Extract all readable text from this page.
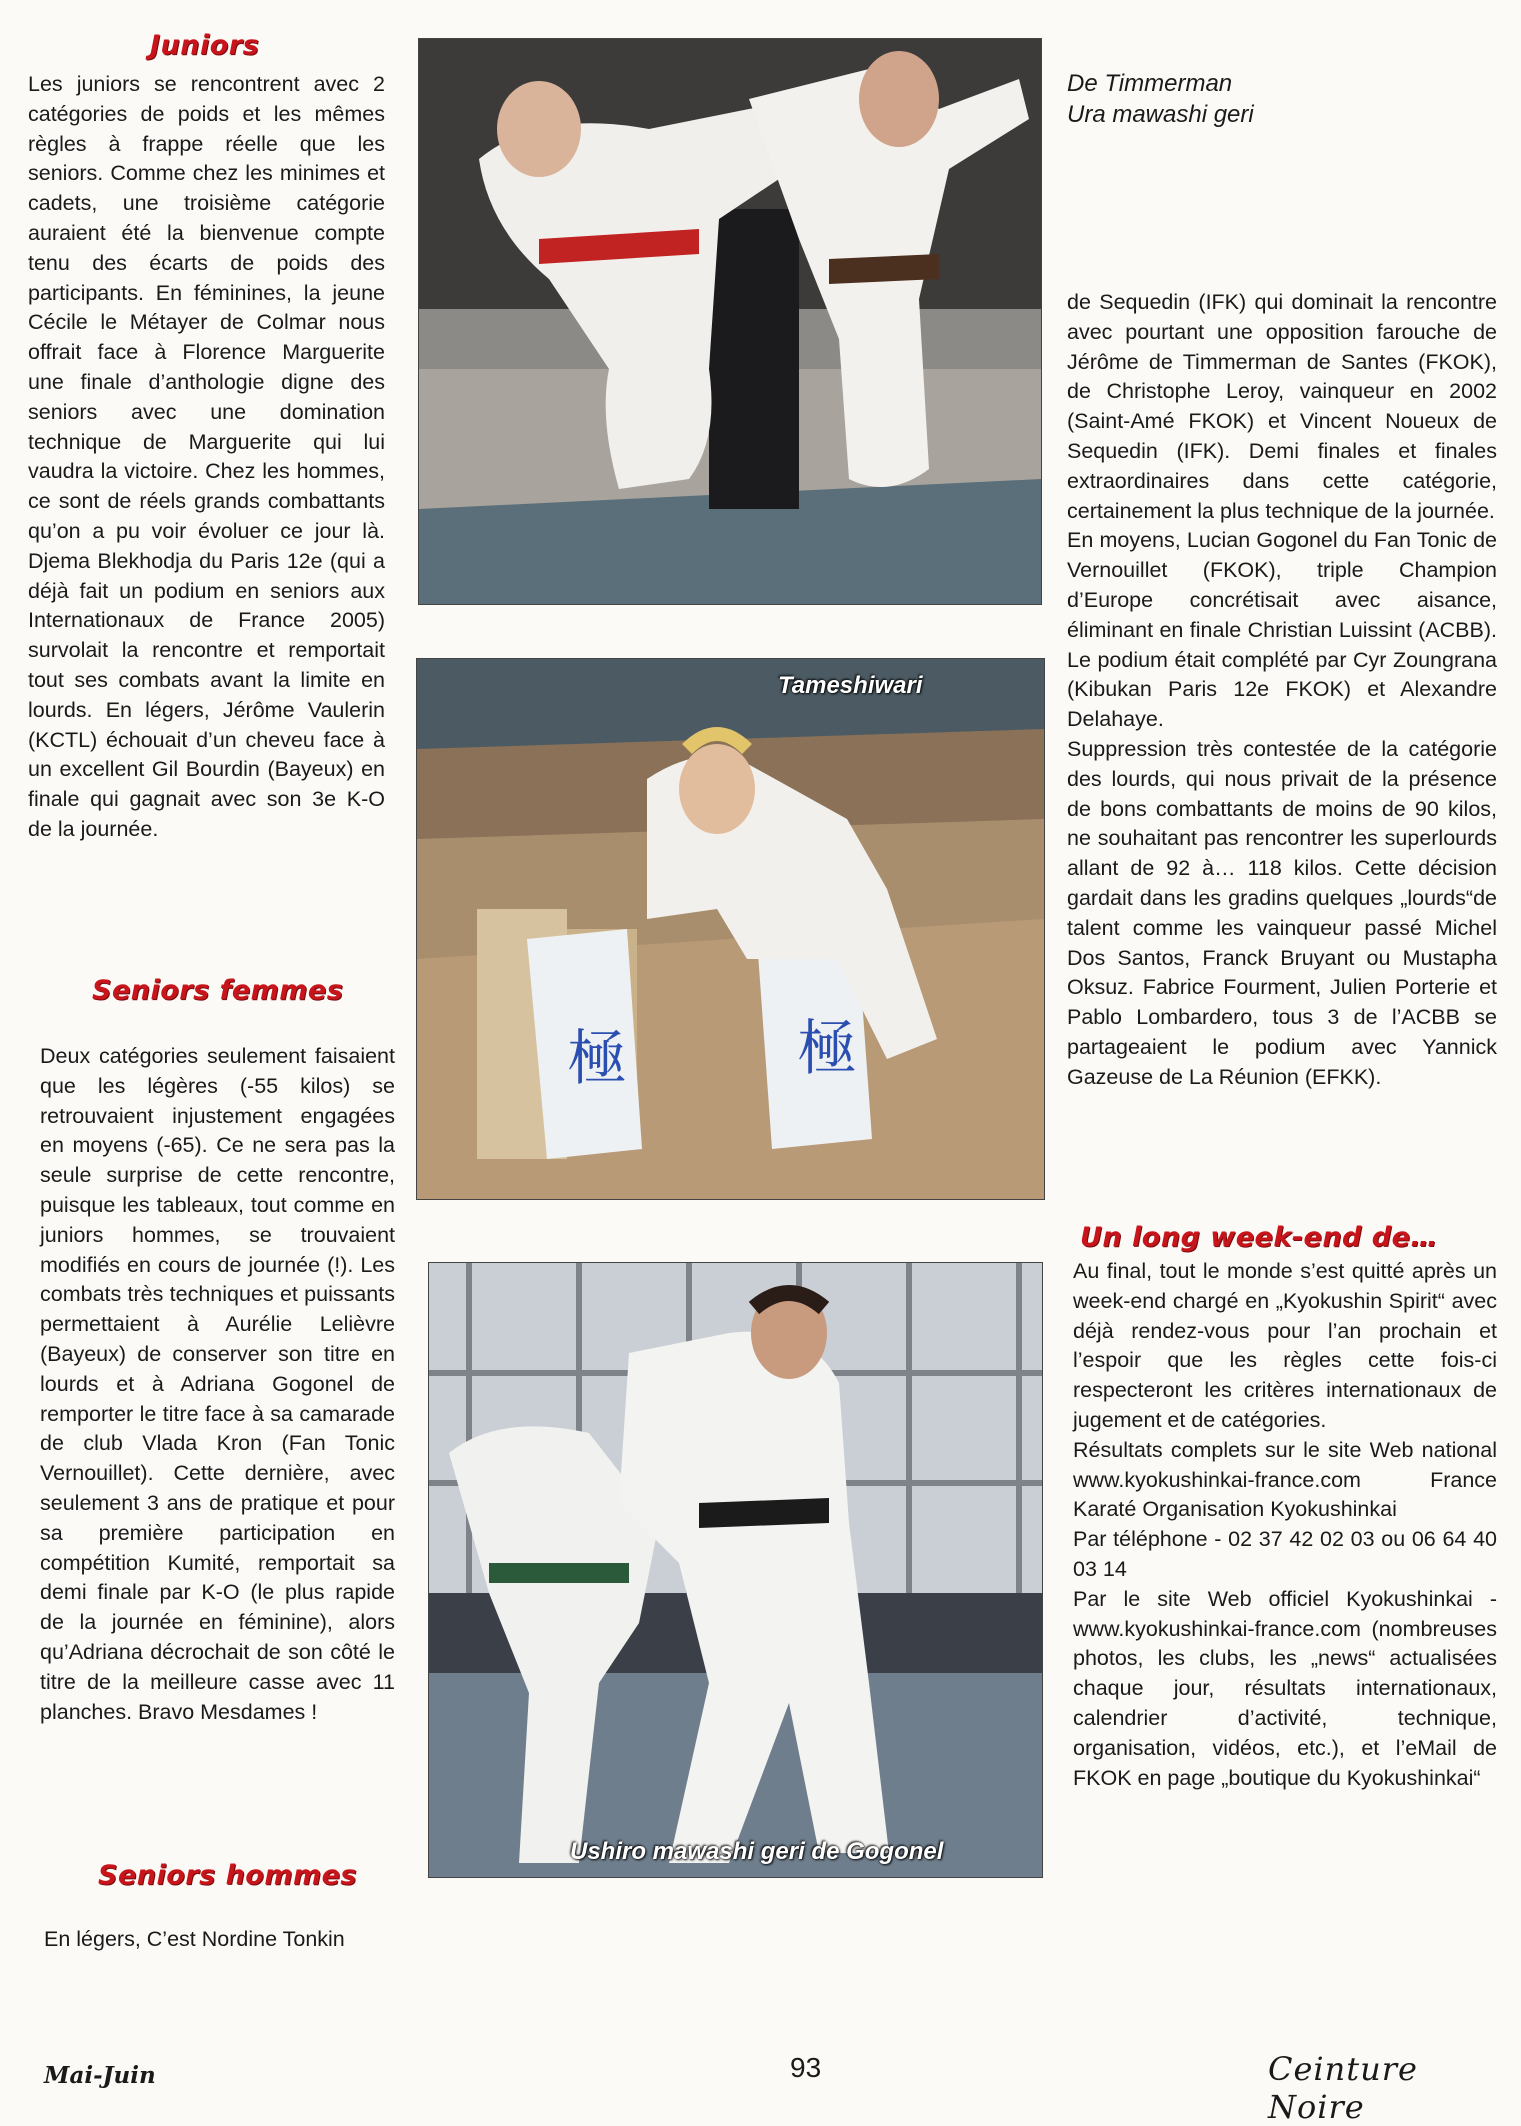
Juniors

Les juniors se rencontrent avec 2 catégories de poids et les mêmes règles à frappe réelle que les seniors. Comme chez les minimes et cadets, une troisième catégorie auraient été la bienvenue compte tenu des écarts de poids des participants. En féminines, la jeune Cécile le Métayer de Colmar nous offrait face à Florence Marguerite une finale d’anthologie digne des seniors avec une domination technique de Marguerite qui lui vaudra la victoire. Chez les hommes, ce sont de réels grands combattants qu’on a pu voir évoluer ce jour là. Djema Blekhodja du Paris 12e (qui a déjà fait un podium en seniors aux Internationaux de France 2005) survolait la rencontre et remportait tout ses combats avant la limite en lourds. En légers, Jérôme Vaulerin (KCTL) échouait d’un cheveu face à un excellent Gil Bourdin (Bayeux) en finale qui gagnait avec son 3e K-O de la journée.

Seniors femmes

Deux catégories seulement faisaient que les légères (-55 kilos) se retrouvaient injustement engagées en moyens (-65). Ce ne sera pas la seule surprise de cette rencontre, puisque les tableaux, tout comme en juniors hommes, se trouvaient modifiés en cours de journée (!). Les combats très techniques et puissants permettaient à Aurélie Lelièvre (Bayeux) de conserver son titre en lourds et à Adriana Gogonel de remporter le titre face à sa camarade de club Vlada Kron (Fan Tonic Vernouillet). Cette dernière, avec seulement 3 ans de pratique et pour sa première participation en compétition Kumité, remportait sa demi finale par K-O (le plus rapide de la journée en féminine), alors qu’Adriana décrochait de son côté le titre de la meilleure casse avec 11 planches. Bravo Mesdames !

Seniors hommes

En légers, C’est Nordine Tonkin

De Timmerman
Ura mawashi geri
極	極
Tameshiwari
Ushiro mawashi geri de Gogonel

de Sequedin (IFK) qui dominait la rencontre avec pourtant une opposition farouche de Jérôme de Timmerman de Santes (FKOK), de Christophe Leroy, vainqueur en 2002 (Saint-Amé FKOK) et Vincent Noueux de Sequedin (IFK). Demi finales et finales extraordinaires dans cette catégorie, certainement la plus technique de la journée.

En moyens, Lucian Gogonel du Fan Tonic de Vernouillet (FKOK), triple Champion d’Europe concrétisait avec aisance, éliminant en finale Christian Luissint (ACBB). Le podium était complété par Cyr Zoungrana (Kibukan Paris 12e FKOK) et Alexandre Delahaye.

Suppression très contestée de la catégorie des lourds, qui nous privait de la présence de bons combattants de moins de 90 kilos, ne souhaitant pas rencontrer les superlourds allant de 92 à… 118 kilos. Cette décision gardait dans les gradins quelques „lourds“de talent comme les vainqueur passé Michel Dos Santos, Franck Bruyant ou Mustapha Oksuz. Fabrice Fourment, Julien Porterie et Pablo Lombardero, tous 3 de l’ACBB se partageaient le podium avec Yannick Gazeuse de La Réunion (EFKK).

Un long week-end de…

Au final, tout le monde s’est quitté après un week-end chargé en „Kyokushin Spirit“ avec déjà rendez-vous pour l’an prochain et l’espoir que les règles cette fois-ci respecteront les critères internationaux de jugement et de catégories.

Résultats complets sur le site Web national www.kyokushinkai-france.com France Karaté Organisation Kyokushinkai

Par téléphone - 02 37 42 02 03 ou 06 64 40 03 14

Par le site Web officiel Kyokushinkai - www.kyokushinkai-france.com (nombreuses photos, les clubs, les „news“ actualisées chaque jour, résultats internationaux, calendrier d’activité, technique, organisation, vidéos, etc.), et l’eMail de FKOK en page „boutique du Kyokushinkai“

Mai-Juin	93	Ceinture Noire
